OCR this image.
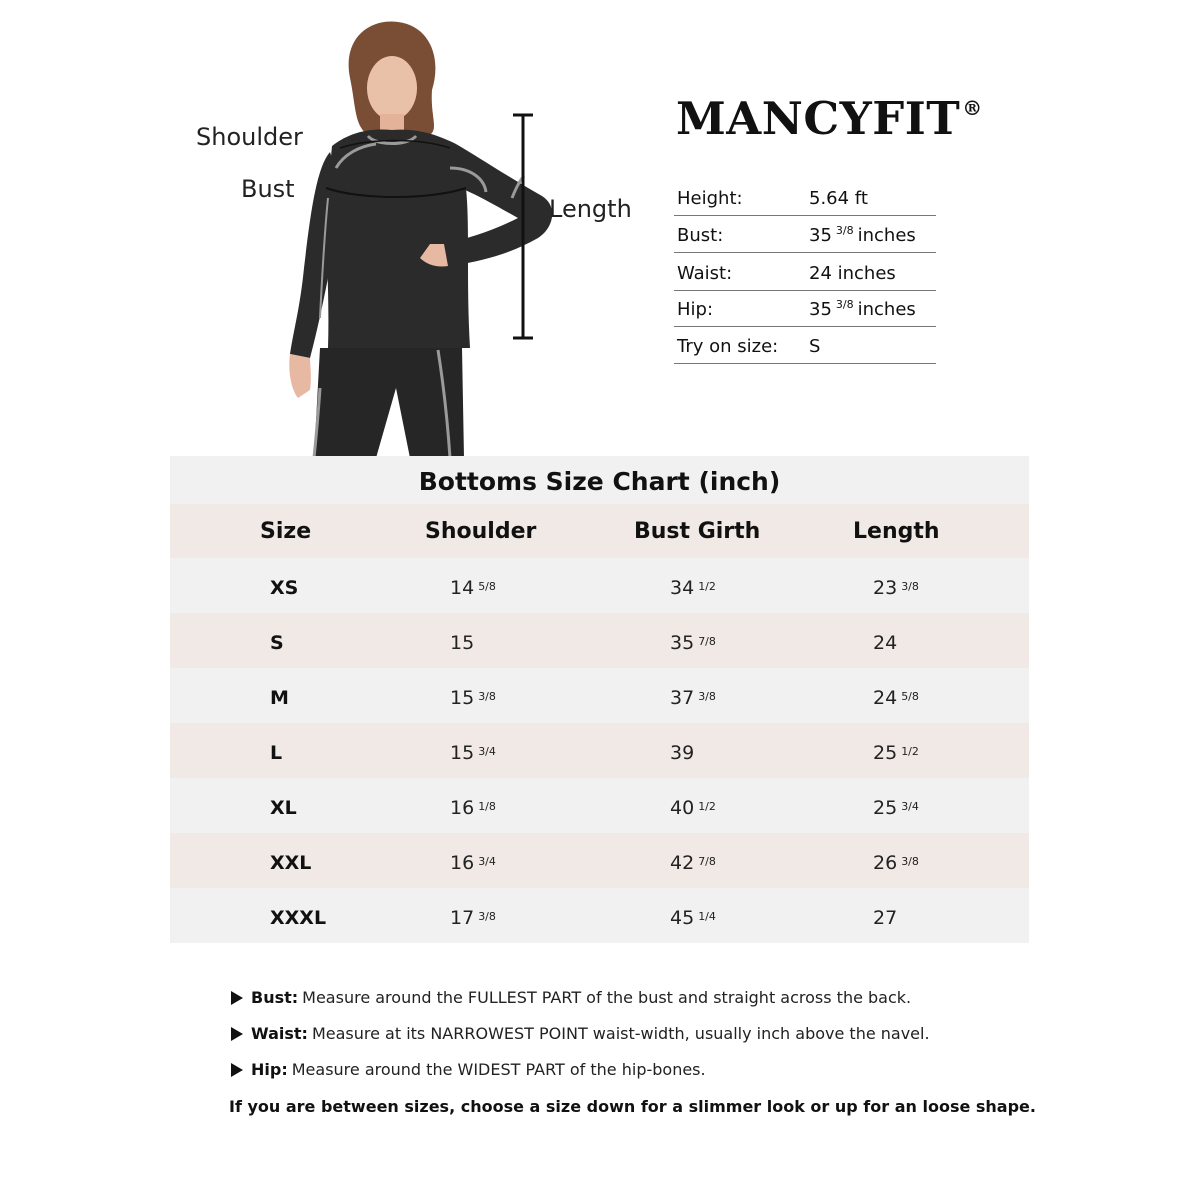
Shoulder
Bust
Length
MANCYFIT ®
Height:	5.64 ft
Bust:	35 $^{3/8}$ inches
Waist:	24 inches
Hip:	35 $^{3/8}$ inches
Try on size: S
Bottoms Size Chart (inch)
Size	Shoulder	Bust Girth	Length
XS	14 5/8	34 1/2	23 3/8
S	15	35 7/8	24
M	15 3/8	37 3/8	24 5/8
L	15 3/4	39	25 1/2
XL	16 1/8	40 1/2	25 3/4
XXL	16 3/4	42 7/8	26 3/8
XXXL	17 3/8	45 1/4	27
Bust: Measure around the FULLEST PART of the bust and straight across the back.
Waist: Measure at its NARROWEST POINT waist-width, usually inch above the navel.
Hip: Measure around the WIDEST PART of the hip-bones.
If you are between sizes, choose a size down for a slimmer look or up for an loose shape.
